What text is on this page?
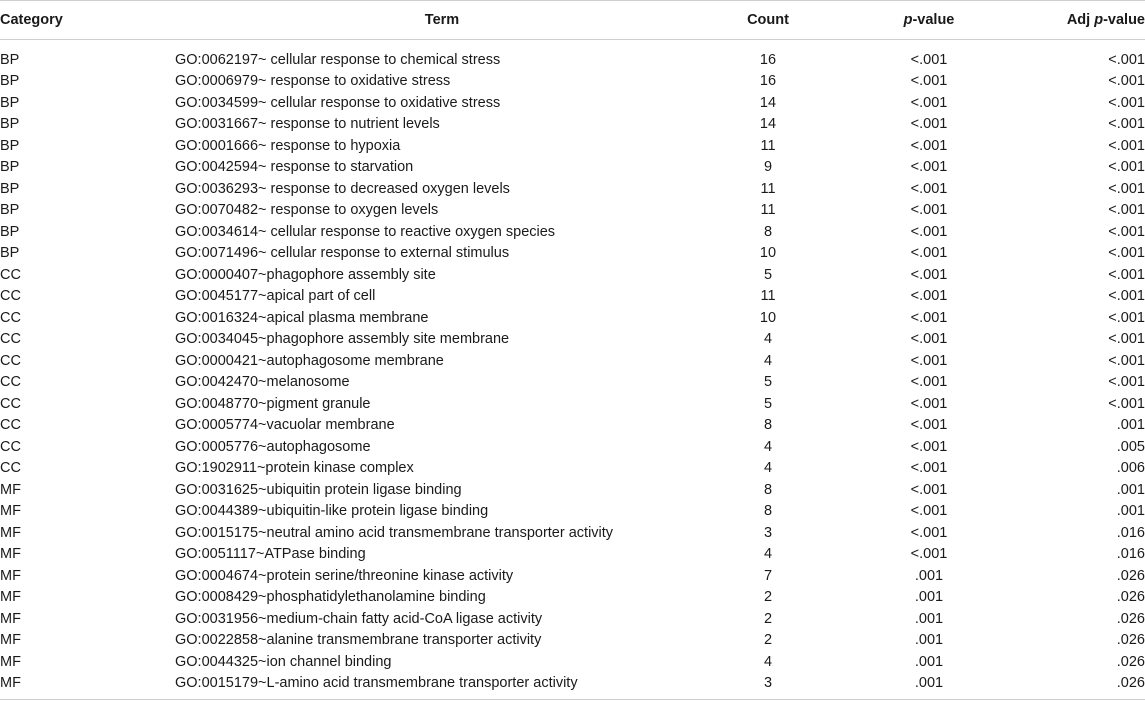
Category	Term	Count	p-value	Adj p-value
BP	GO:0062197~ cellular response to chemical stress	16	<.001	<.001
BP	GO:0006979~ response to oxidative stress	16	<.001	<.001
BP	GO:0034599~ cellular response to oxidative stress	14	<.001	<.001
BP	GO:0031667~ response to nutrient levels	14	<.001	<.001
BP	GO:0001666~ response to hypoxia	11	<.001	<.001
BP	GO:0042594~ response to starvation	9	<.001	<.001
BP	GO:0036293~ response to decreased oxygen levels	11	<.001	<.001
BP	GO:0070482~ response to oxygen levels	11	<.001	<.001
BP	GO:0034614~ cellular response to reactive oxygen species	8	<.001	<.001
BP	GO:0071496~ cellular response to external stimulus	10	<.001	<.001
CC	GO:0000407~phagophore assembly site	5	<.001	<.001
CC	GO:0045177~apical part of cell	11	<.001	<.001
CC	GO:0016324~apical plasma membrane	10	<.001	<.001
CC	GO:0034045~phagophore assembly site membrane	4	<.001	<.001
CC	GO:0000421~autophagosome membrane	4	<.001	<.001
CC	GO:0042470~melanosome	5	<.001	<.001
CC	GO:0048770~pigment granule	5	<.001	<.001
CC	GO:0005774~vacuolar membrane	8	<.001	.001
CC	GO:0005776~autophagosome	4	<.001	.005
CC	GO:1902911~protein kinase complex	4	<.001	.006
MF	GO:0031625~ubiquitin protein ligase binding	8	<.001	.001
MF	GO:0044389~ubiquitin-like protein ligase binding	8	<.001	.001
MF	GO:0015175~neutral amino acid transmembrane transporter activity	3	<.001	.016
MF	GO:0051117~ATPase binding	4	<.001	.016
MF	GO:0004674~protein serine/threonine kinase activity	7	.001	.026
MF	GO:0008429~phosphatidylethanolamine binding	2	.001	.026
MF	GO:0031956~medium-chain fatty acid-CoA ligase activity	2	.001	.026
MF	GO:0022858~alanine transmembrane transporter activity	2	.001	.026
MF	GO:0044325~ion channel binding	4	.001	.026
MF	GO:0015179~L-amino acid transmembrane transporter activity	3	.001	.026
